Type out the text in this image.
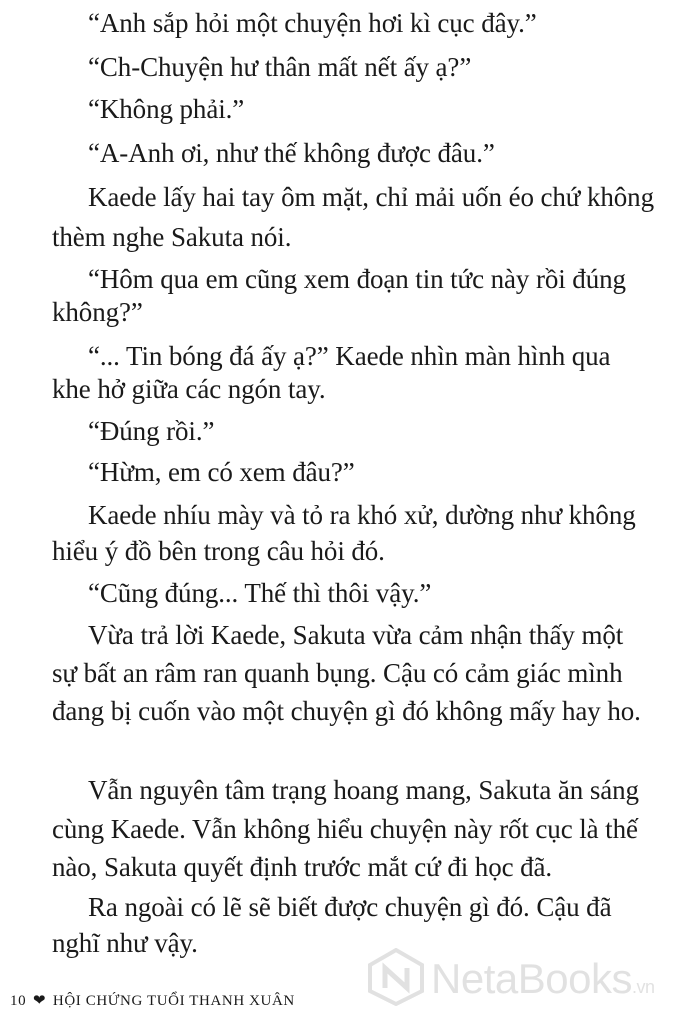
“Anh sắp hỏi một chuyện hơi kì cục đây.”
“Ch-Chuyện hư thân mất nết ấy ạ?”
“Không phải.”
“A-Anh ơi, như thế không được đâu.”
Kaede lấy hai tay ôm mặt, chỉ mải uốn éo chứ không
thèm nghe Sakuta nói.
“Hôm qua em cũng xem đoạn tin tức này rồi đúng
không?”
“... Tin bóng đá ấy ạ?” Kaede nhìn màn hình qua
khe hở giữa các ngón tay.
“Đúng rồi.”
“Hừm, em có xem đâu?”
Kaede nhíu mày và tỏ ra khó xử, dường như không
hiểu ý đồ bên trong câu hỏi đó.
“Cũng đúng... Thế thì thôi vậy.”
Vừa trả lời Kaede, Sakuta vừa cảm nhận thấy một
sự bất an râm ran quanh bụng. Cậu có cảm giác mình
đang bị cuốn vào một chuyện gì đó không mấy hay ho.
Vẫn nguyên tâm trạng hoang mang, Sakuta ăn sáng
cùng Kaede. Vẫn không hiểu chuyện này rốt cục là thế
nào, Sakuta quyết định trước mắt cứ đi học đã.
Ra ngoài có lẽ sẽ biết được chuyện gì đó. Cậu đã
nghĩ như vậy.
10 ❤ HỘI CHỨNG TUỔI THANH XUÂN	NetaBooks.vn
